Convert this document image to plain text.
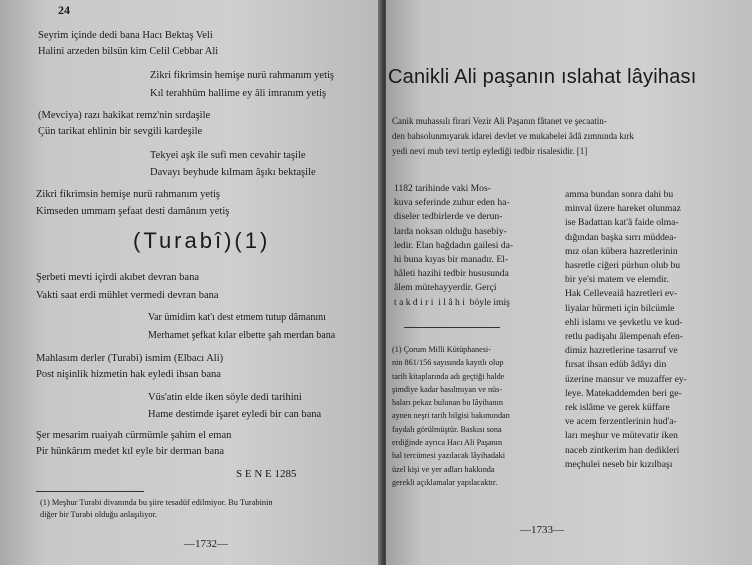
24
Seyrim içinde dedi bana Hacı Bektaş Veli
Halini arzeden bilsün kim Celil Cebbar Ali
Zikri fikrimsin hemişe nurü rahmanım yetiş
Kıl terahhüm hallime ey âli imranım yetiş
(Mevciya) razı hakikat remz'nin sırdaşile
Çün tarikat ehlinin bir sevgili kardeşile
Tekyei aşk ile sufi men cevahir taşile
Davayı beyhude kılmam âşıkı bektaşile
Zikri fikrimsin hemişe nurü rahmanım yetiş
Kimseden ummam şefaat desti damânım yetiş
(Turabî)(1)
Şerbeti mevti içirdi akıbet devran bana
Vakti saat erdi mühlet vermedi devran bana
Var ümidim kat'ı dest etmem tutup dâmanını
Merhamet şefkat kılar elbette şah merdan bana
Mahlasım derler (Turabi) ismim (Elbacı Ali)
Post nişinlik hizmetin hak eyledi ihsan bana
Vüs'atin elde iken söyle dedi tarihini
Hame destimde işaret eyledi bir can bana
Şer mesarim ruaiyah cürmümle şahim el eman
Pir hünkârım medet kıl eyle bir derman bana
S E N E 1285
(1) Meşhur Turabi divanında bu şiire tesadüf edilmiyor. Bu Turabinin
diğer bir Turabi olduğu anlaşılıyor.
—1732—
Canikli Ali paşanın ıslahat lâyihası
Canik muhassılı firari Vezir Ali Paşanın fâtanet ve şecaatin-
den bahsolunmıyarak idarei devlet ve mukabelei âdâ zımnında kırk
yedi nevi mub tevi tertip eylediği tedbir risalesidir. [1]
1182 tarihinde vaki Mos-
kuva seferinde zuhur eden ha-
diseler tedbirlerde ve derun-
larda noksan olduğu hasebiy-
ledir. Elan bağdadın gailesi da-
hi buna kıyas bir manadır. El-
hâleti hazihi tedbir hususunda
âlem mütehayyerdir. Gerçi
t a k d i r i  i l â h i  böyle imiş
(1) Çorum Milli Kütüphanesi-
nin 861/156 sayısında kayıtlı olup
tarih kitaplarında adı geçtiği halde
şimdiye kadar basılmıyan ve nüs-
haları pekaz bulunan bu lâyihanın
aynen neşri tarih bilgisi bakımından
faydalı görülmüştür. Baskısı sona
erdiğinde ayrıca Hacı Ali Paşanın
hal tercümesi yazılacak lâyihadaki
üzel kişi ve yer adları hakkında
gerekli açıklamalar yapılacaktır.
amma bundan sonra dahi bu
minval üzere hareket olunmaz
ise Badattan kat'â faide olma-
dığından başka sırrı müddea-
mız olan kübera hazretlerinin
hasretle ciğeri pürhun olub bu
bir ye'si matem ve elemdir.
Hak Celleveaiâ hazretleri ev-
liyalar hürmeti için bilcümle
ehli islamı ve şevketlu ve kud-
retlu padişahı âlempenah efen-
dimiz hazretlerine tasarruf ve
fırsat ihsan edüb âdâyı din
üzerine mansur ve muzaffer ey-
leye. Matekaddemden beri ge-
rek islâme ve gerek küffare
ve acem ferzentlerinin hud'a-
ları meşhur ve mütevatir iken
naceb zintkerim han dedikleri
meçhulei neseb bir kızılbaşı
—1733—
